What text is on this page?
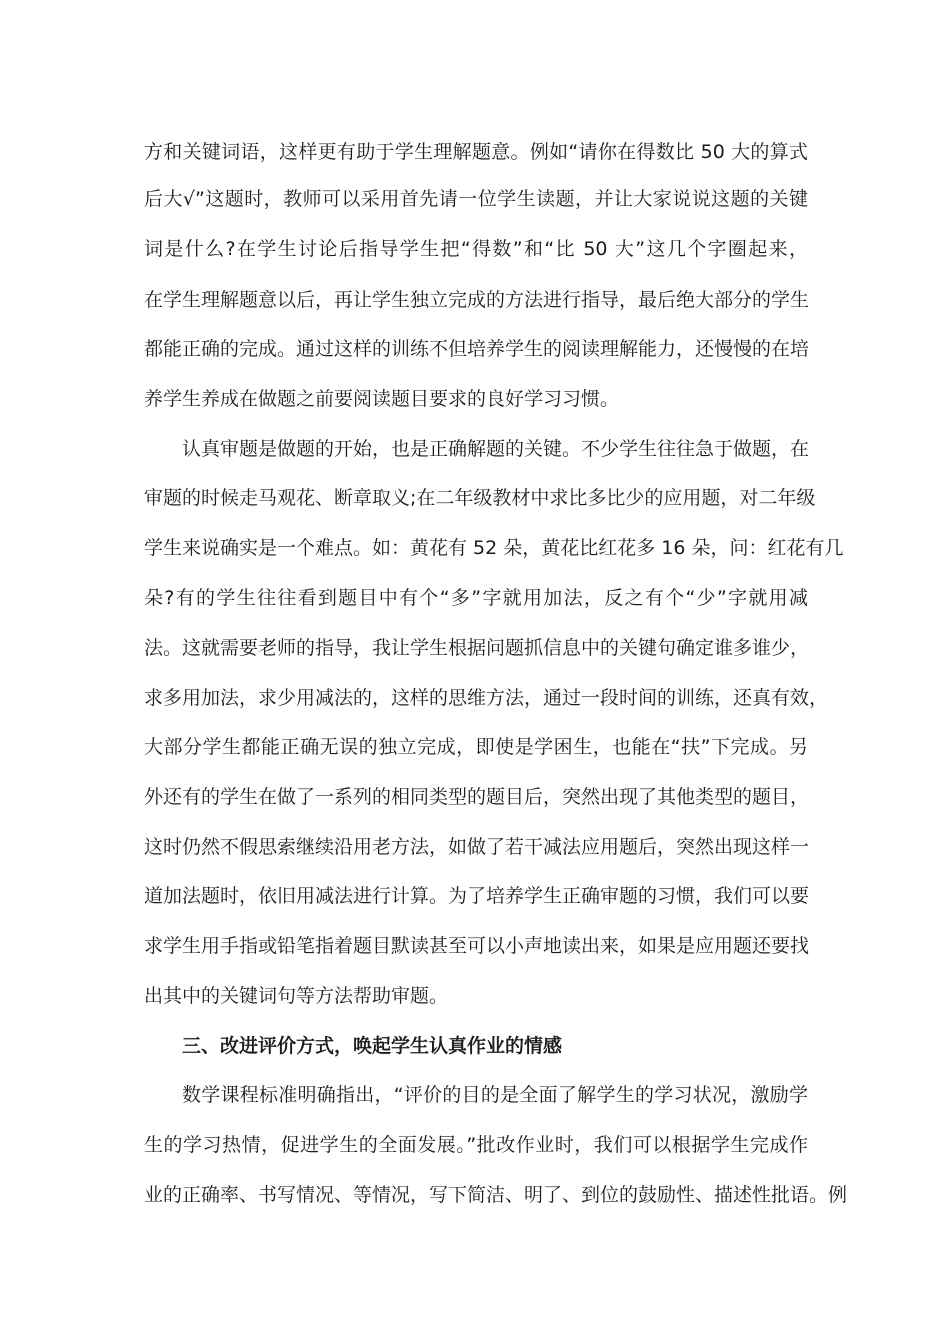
方和关键词语，这样更有助于学生理解题意。例如“请你在得数比 50 大的算式
后大√”这题时，教师可以采用首先请一位学生读题，并让大家说说这题的关键
词是什么?在学生讨论后指导学生把“得数”和“比 50 大”这几个字圈起来，
在学生理解题意以后，再让学生独立完成的方法进行指导，最后绝大部分的学生
都能正确的完成。通过这样的训练不但培养学生的阅读理解能力，还慢慢的在培
养学生养成在做题之前要阅读题目要求的良好学习习惯。
认真审题是做题的开始，也是正确解题的关键。不少学生往往急于做题，在
审题的时候走马观花、断章取义;在二年级教材中求比多比少的应用题，对二年级
学生来说确实是一个难点。如：黄花有 52 朵，黄花比红花多 16 朵，问：红花有几
朵?有的学生往往看到题目中有个“多”字就用加法，反之有个“少”字就用减
法。这就需要老师的指导，我让学生根据问题抓信息中的关键句确定谁多谁少，
求多用加法，求少用减法的，这样的思维方法，通过一段时间的训练，还真有效，
大部分学生都能正确无误的独立完成，即使是学困生，也能在“扶”下完成。另
外还有的学生在做了一系列的相同类型的题目后，突然出现了其他类型的题目，
这时仍然不假思索继续沿用老方法，如做了若干减法应用题后，突然出现这样一
道加法题时，依旧用减法进行计算。为了培养学生正确审题的习惯，我们可以要
求学生用手指或铅笔指着题目默读甚至可以小声地读出来，如果是应用题还要找
出其中的关键词句等方法帮助审题。
三、改进评价方式，唤起学生认真作业的情感
数学课程标准明确指出，“评价的目的是全面了解学生的学习状况，激励学
生的学习热情，促进学生的全面发展。”批改作业时，我们可以根据学生完成作
业的正确率、书写情况、等情况，写下简洁、明了、到位的鼓励性、描述性批语。例
